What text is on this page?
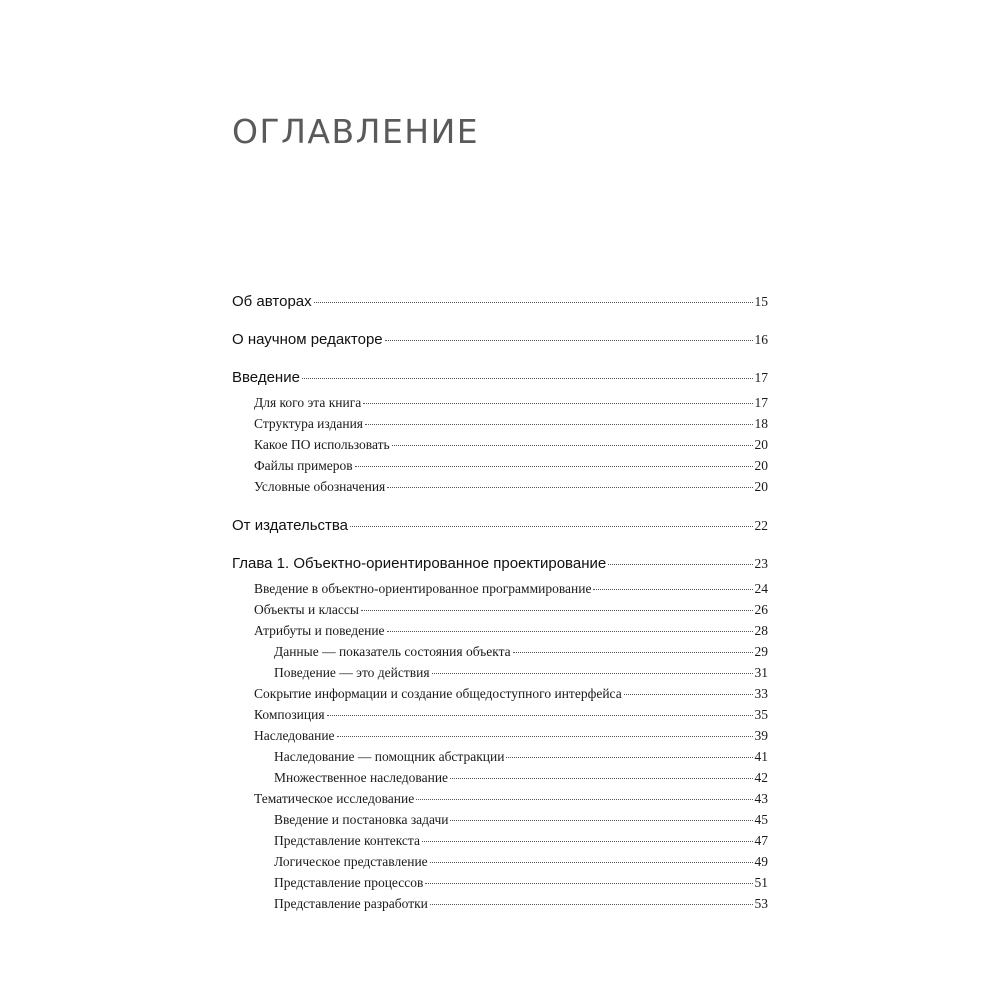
ОГЛАВЛЕНИЕ
Об авторах	15
О научном редакторе	16
Введение	17
Для кого эта книга	17
Структура издания	18
Какое ПО использовать	20
Файлы примеров	20
Условные обозначения	20
От издательства	22
Глава 1. Объектно-ориентированное проектирование	23
Введение в объектно-ориентированное программирование	24
Объекты и классы	26
Атрибуты и поведение	28
Данные — показатель состояния объекта	29
Поведение — это действия	31
Сокрытие информации и создание общедоступного интерфейса	33
Композиция	35
Наследование	39
Наследование — помощник абстракции	41
Множественное наследование	42
Тематическое исследование	43
Введение и постановка задачи	45
Представление контекста	47
Логическое представление	49
Представление процессов	51
Представление разработки	53
